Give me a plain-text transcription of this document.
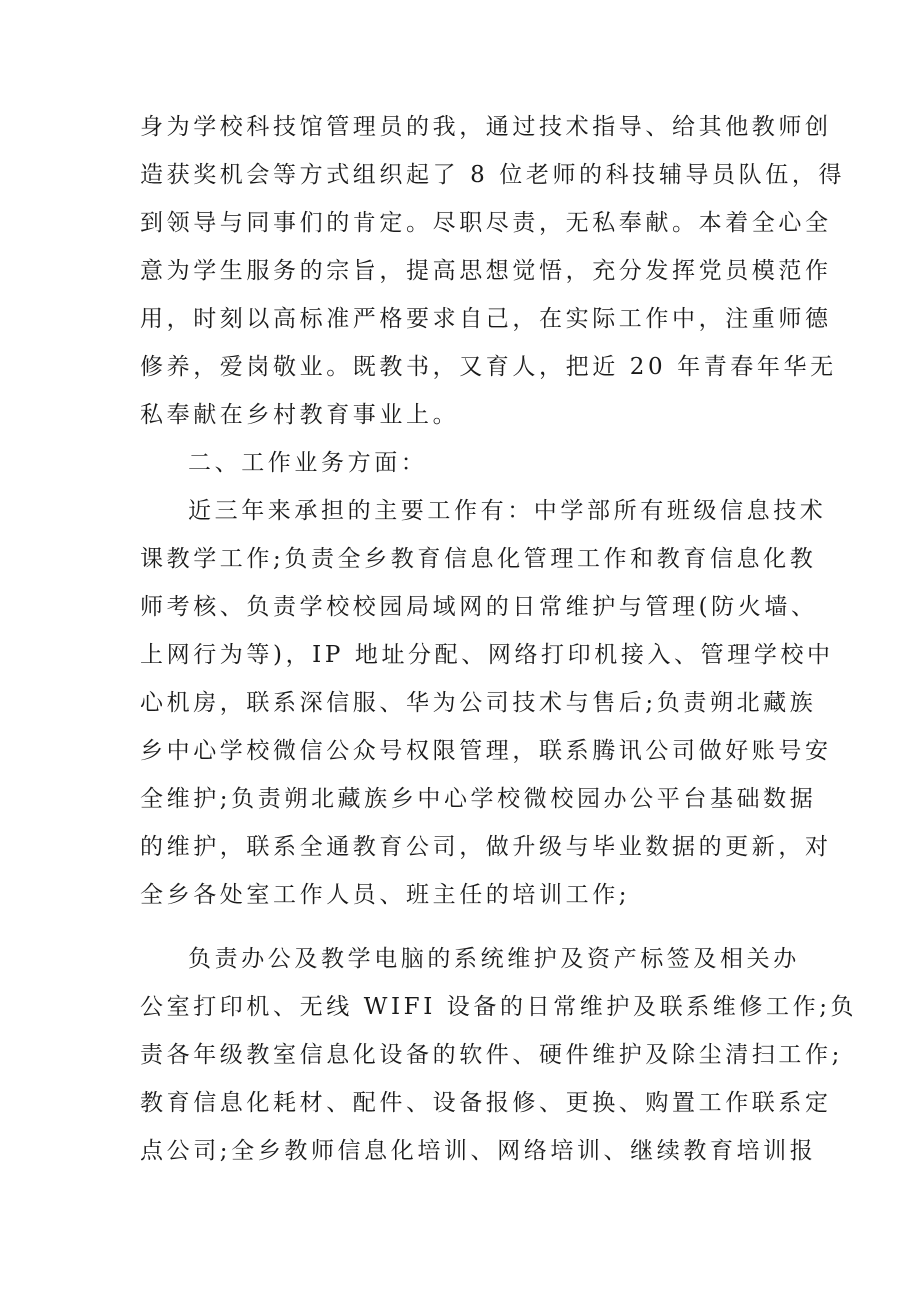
身为学校科技馆管理员的我，通过技术指导、给其他教师创
造获奖机会等方式组织起了 8 位老师的科技辅导员队伍，得
到领导与同事们的肯定。尽职尽责，无私奉献。本着全心全
意为学生服务的宗旨，提高思想觉悟，充分发挥党员模范作
用，时刻以高标准严格要求自己，在实际工作中，注重师德
修养，爱岗敬业。既教书，又育人，把近 20 年青春年华无
私奉献在乡村教育事业上。
二、工作业务方面：
近三年来承担的主要工作有：中学部所有班级信息技术
课教学工作;负责全乡教育信息化管理工作和教育信息化教
师考核、负责学校校园局域网的日常维护与管理(防火墙、
上网行为等)，IP 地址分配、网络打印机接入、管理学校中
心机房，联系深信服、华为公司技术与售后;负责朔北藏族
乡中心学校微信公众号权限管理，联系腾讯公司做好账号安
全维护;负责朔北藏族乡中心学校微校园办公平台基础数据
的维护，联系全通教育公司，做升级与毕业数据的更新，对
全乡各处室工作人员、班主任的培训工作;
负责办公及教学电脑的系统维护及资产标签及相关办
公室打印机、无线 WIFI 设备的日常维护及联系维修工作;负
责各年级教室信息化设备的软件、硬件维护及除尘清扫工作;
教育信息化耗材、配件、设备报修、更换、购置工作联系定
点公司;全乡教师信息化培训、网络培训、继续教育培训报
